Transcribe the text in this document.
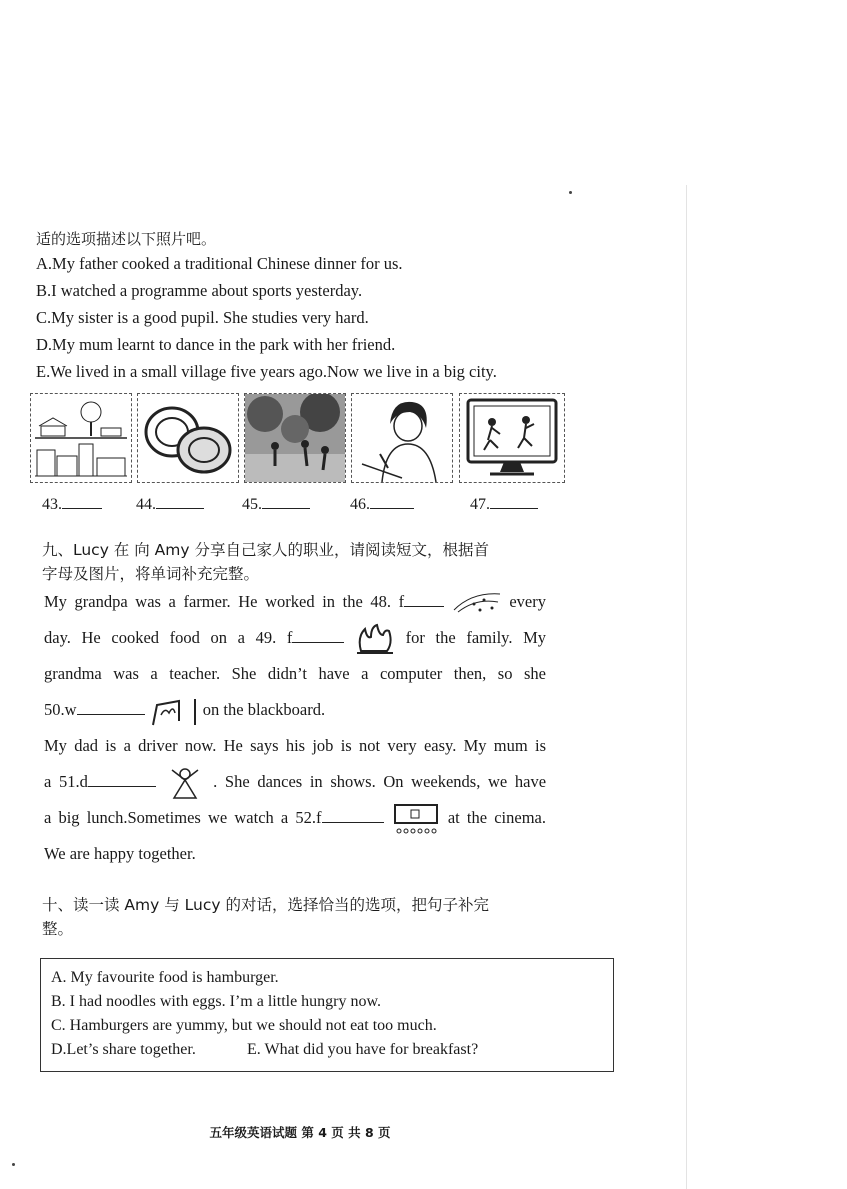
适的选项描述以下照片吧。
A.My father cooked a traditional Chinese dinner for us.
B.I watched a programme about sports yesterday.
C.My sister is a good pupil. She studies very hard.
D.My mum learnt to dance in the park with her friend.
E.We lived in a small village five years ago.Now we live in a big city.
43.	44.	45.	46.	47.
九、Lucy 在 向 Amy 分享自己家人的职业，请阅读短文，根据首
字母及图片，将单词补充完整。

My grandpa was a farmer. He worked in the 48. f	every

day. He cooked food on a 49. f	for the family. My

grandma was a teacher. She didn’t have a computer then, so she

50.w	on the blackboard.

My dad is a driver now. He says his job is not very easy. My mum is

a 51.d	. She dances in shows. On weekends, we have

a big lunch.Sometimes we watch a 52.f	at the cinema.

We are happy together.

十、读一读 Amy 与 Lucy 的对话，选择恰当的选项，把句子补完
整。
A. My favourite food is hamburger.
B. I had noodles with eggs. I’m a little hungry now.
C. Hamburgers are yummy, but we should not eat too much.
D.Let’s share together.	E. What did you have for breakfast?
五年级英语试题 第 4 页 共 8 页
